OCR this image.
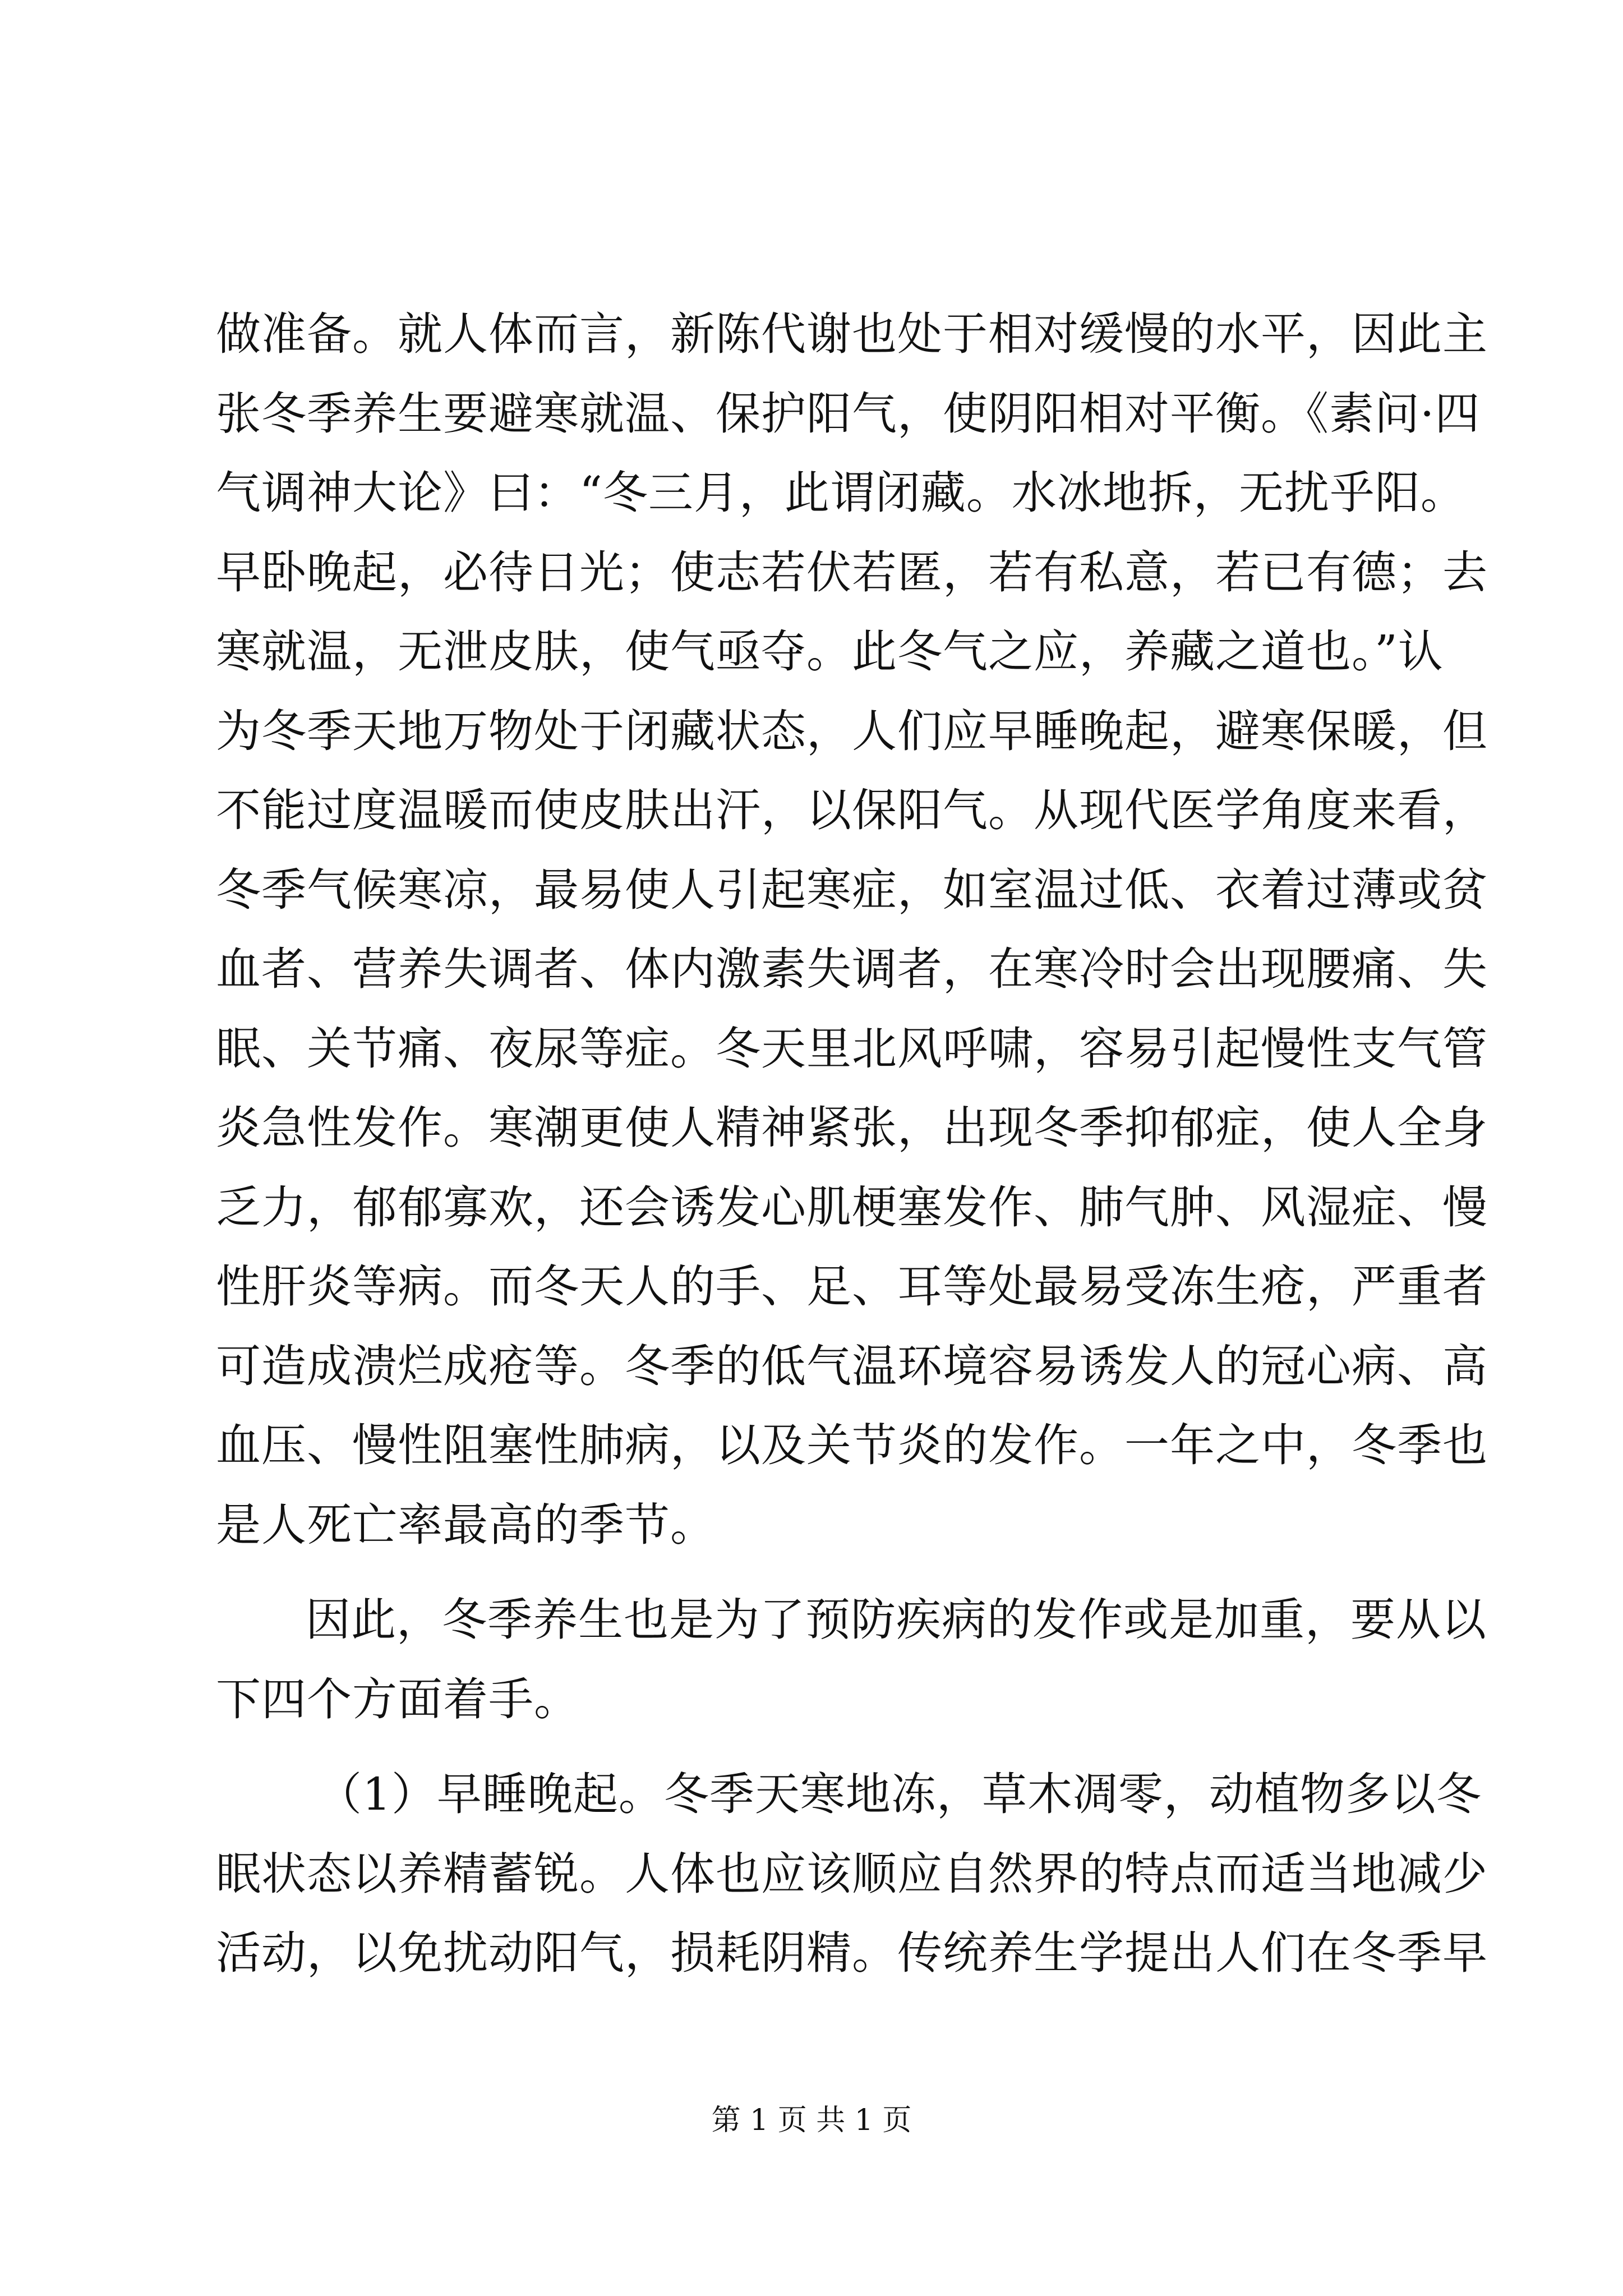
做准备。就人体而言，新陈代谢也处于相对缓慢的水平，因此主
张冬季养生要避寒就温、保护阳气，使阴阳相对平衡。《素问·四
气调神大论》曰：“冬三月，此谓闭藏。水冰地拆，无扰乎阳。
早卧晚起，必待日光；使志若伏若匿，若有私意，若已有德；去
寒就温，无泄皮肤，使气亟夺。此冬气之应，养藏之道也。”认
为冬季天地万物处于闭藏状态，人们应早睡晚起，避寒保暖，但
不能过度温暖而使皮肤出汗，以保阳气。从现代医学角度来看，
冬季气候寒凉，最易使人引起寒症，如室温过低、衣着过薄或贫
血者、营养失调者、体内激素失调者，在寒冷时会出现腰痛、失
眠、关节痛、夜尿等症。冬天里北风呼啸，容易引起慢性支气管
炎急性发作。寒潮更使人精神紧张，出现冬季抑郁症，使人全身
乏力，郁郁寡欢，还会诱发心肌梗塞发作、肺气肿、风湿症、慢
性肝炎等病。而冬天人的手、足、耳等处最易受冻生疮，严重者
可造成溃烂成疮等。冬季的低气温环境容易诱发人的冠心病、高
血压、慢性阻塞性肺病，以及关节炎的发作。一年之中，冬季也
是人死亡率最高的季节。
因此，冬季养生也是为了预防疾病的发作或是加重，要从以
下四个方面着手。
（1）早睡晚起。冬季天寒地冻，草木凋零，动植物多以冬
眠状态以养精蓄锐。人体也应该顺应自然界的特点而适当地减少
活动，以免扰动阳气，损耗阴精。传统养生学提出人们在冬季早
第 1 页 共 1 页
